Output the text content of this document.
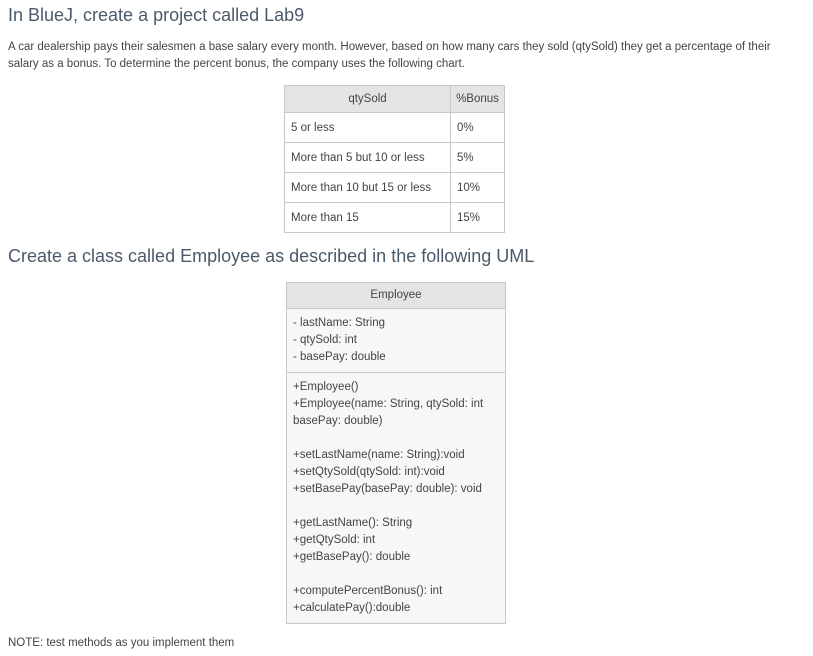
In BlueJ, create a project called Lab9

A car dealership pays their salesmen a base salary every month. However, based on how many cars they sold (qtySold) they get a percentage of their salary as a bonus. To determine the percent bonus, the company uses the following chart.

qtySold	%Bonus
5 or less	0%
More than 5 but 10 or less	5%
More than 10 but 15 or less	10%
More than 15	15%
Create a class called Employee as described in the following UML
Employee
- lastName: String
- qtySold: int
- basePay: double
+Employee()
+Employee(name: String, qtySold: int basePay: double)
+setLastName(name: String):void
+setQtySold(qtySold: int):void
+setBasePay(basePay: double): void
+getLastName(): String
+getQtySold: int
+getBasePay(): double
+computePercentBonus(): int
+calculatePay():double

NOTE: test methods as you implement them
